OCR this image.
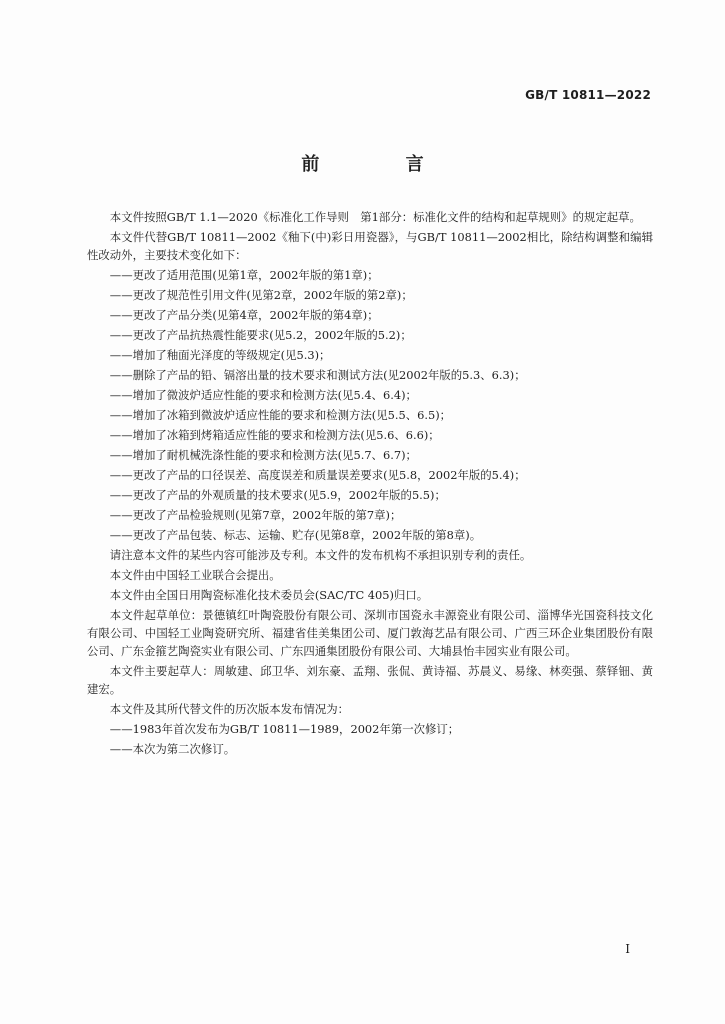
GB/T 10811—2022
前 言

本文件按照GB/T 1.1—2020《标准化工作导则　第1部分：标准化文件的结构和起草规则》的规定起草。

本文件代替GB/T 10811—2002《釉下(中)彩日用瓷器》，与GB/T 10811—2002相比，除结构调整和编辑性改动外，主要技术变化如下：

——更改了适用范围(见第1章，2002年版的第1章)；
——更改了规范性引用文件(见第2章，2002年版的第2章)；
——更改了产品分类(见第4章，2002年版的第4章)；
——更改了产品抗热震性能要求(见5.2，2002年版的5.2)；
——增加了釉面光泽度的等级规定(见5.3)；
——删除了产品的铅、镉溶出量的技术要求和测试方法(见2002年版的5.3、6.3)；
——增加了微波炉适应性能的要求和检测方法(见5.4、6.4)；
——增加了冰箱到微波炉适应性能的要求和检测方法(见5.5、6.5)；
——增加了冰箱到烤箱适应性能的要求和检测方法(见5.6、6.6)；
——增加了耐机械洗涤性能的要求和检测方法(见5.7、6.7)；
——更改了产品的口径误差、高度误差和质量误差要求(见5.8，2002年版的5.4)；
——更改了产品的外观质量的技术要求(见5.9，2002年版的5.5)；
——更改了产品检验规则(见第7章，2002年版的第7章)；
——更改了产品包装、标志、运输、贮存(见第8章，2002年版的第8章)。

请注意本文件的某些内容可能涉及专利。本文件的发布机构不承担识别专利的责任。

本文件由中国轻工业联合会提出。

本文件由全国日用陶瓷标准化技术委员会(SAC/TC 405)归口。

本文件起草单位：景德镇红叶陶瓷股份有限公司、深圳市国瓷永丰源瓷业有限公司、淄博华光国瓷科技文化有限公司、中国轻工业陶瓷研究所、福建省佳美集团公司、厦门敦海艺品有限公司、广西三环企业集团股份有限公司、广东金箍艺陶瓷实业有限公司、广东四通集团股份有限公司、大埔县怡丰园实业有限公司。

本文件主要起草人：周敏建、邱卫华、刘东豪、孟翔、张侃、黄诗福、苏晨义、易缘、林奕强、蔡铎钿、黄建宏。

本文件及其所代替文件的历次版本发布情况为：

——1983年首次发布为GB/T 10811—1989，2002年第一次修订；
——本次为第二次修订。
I
